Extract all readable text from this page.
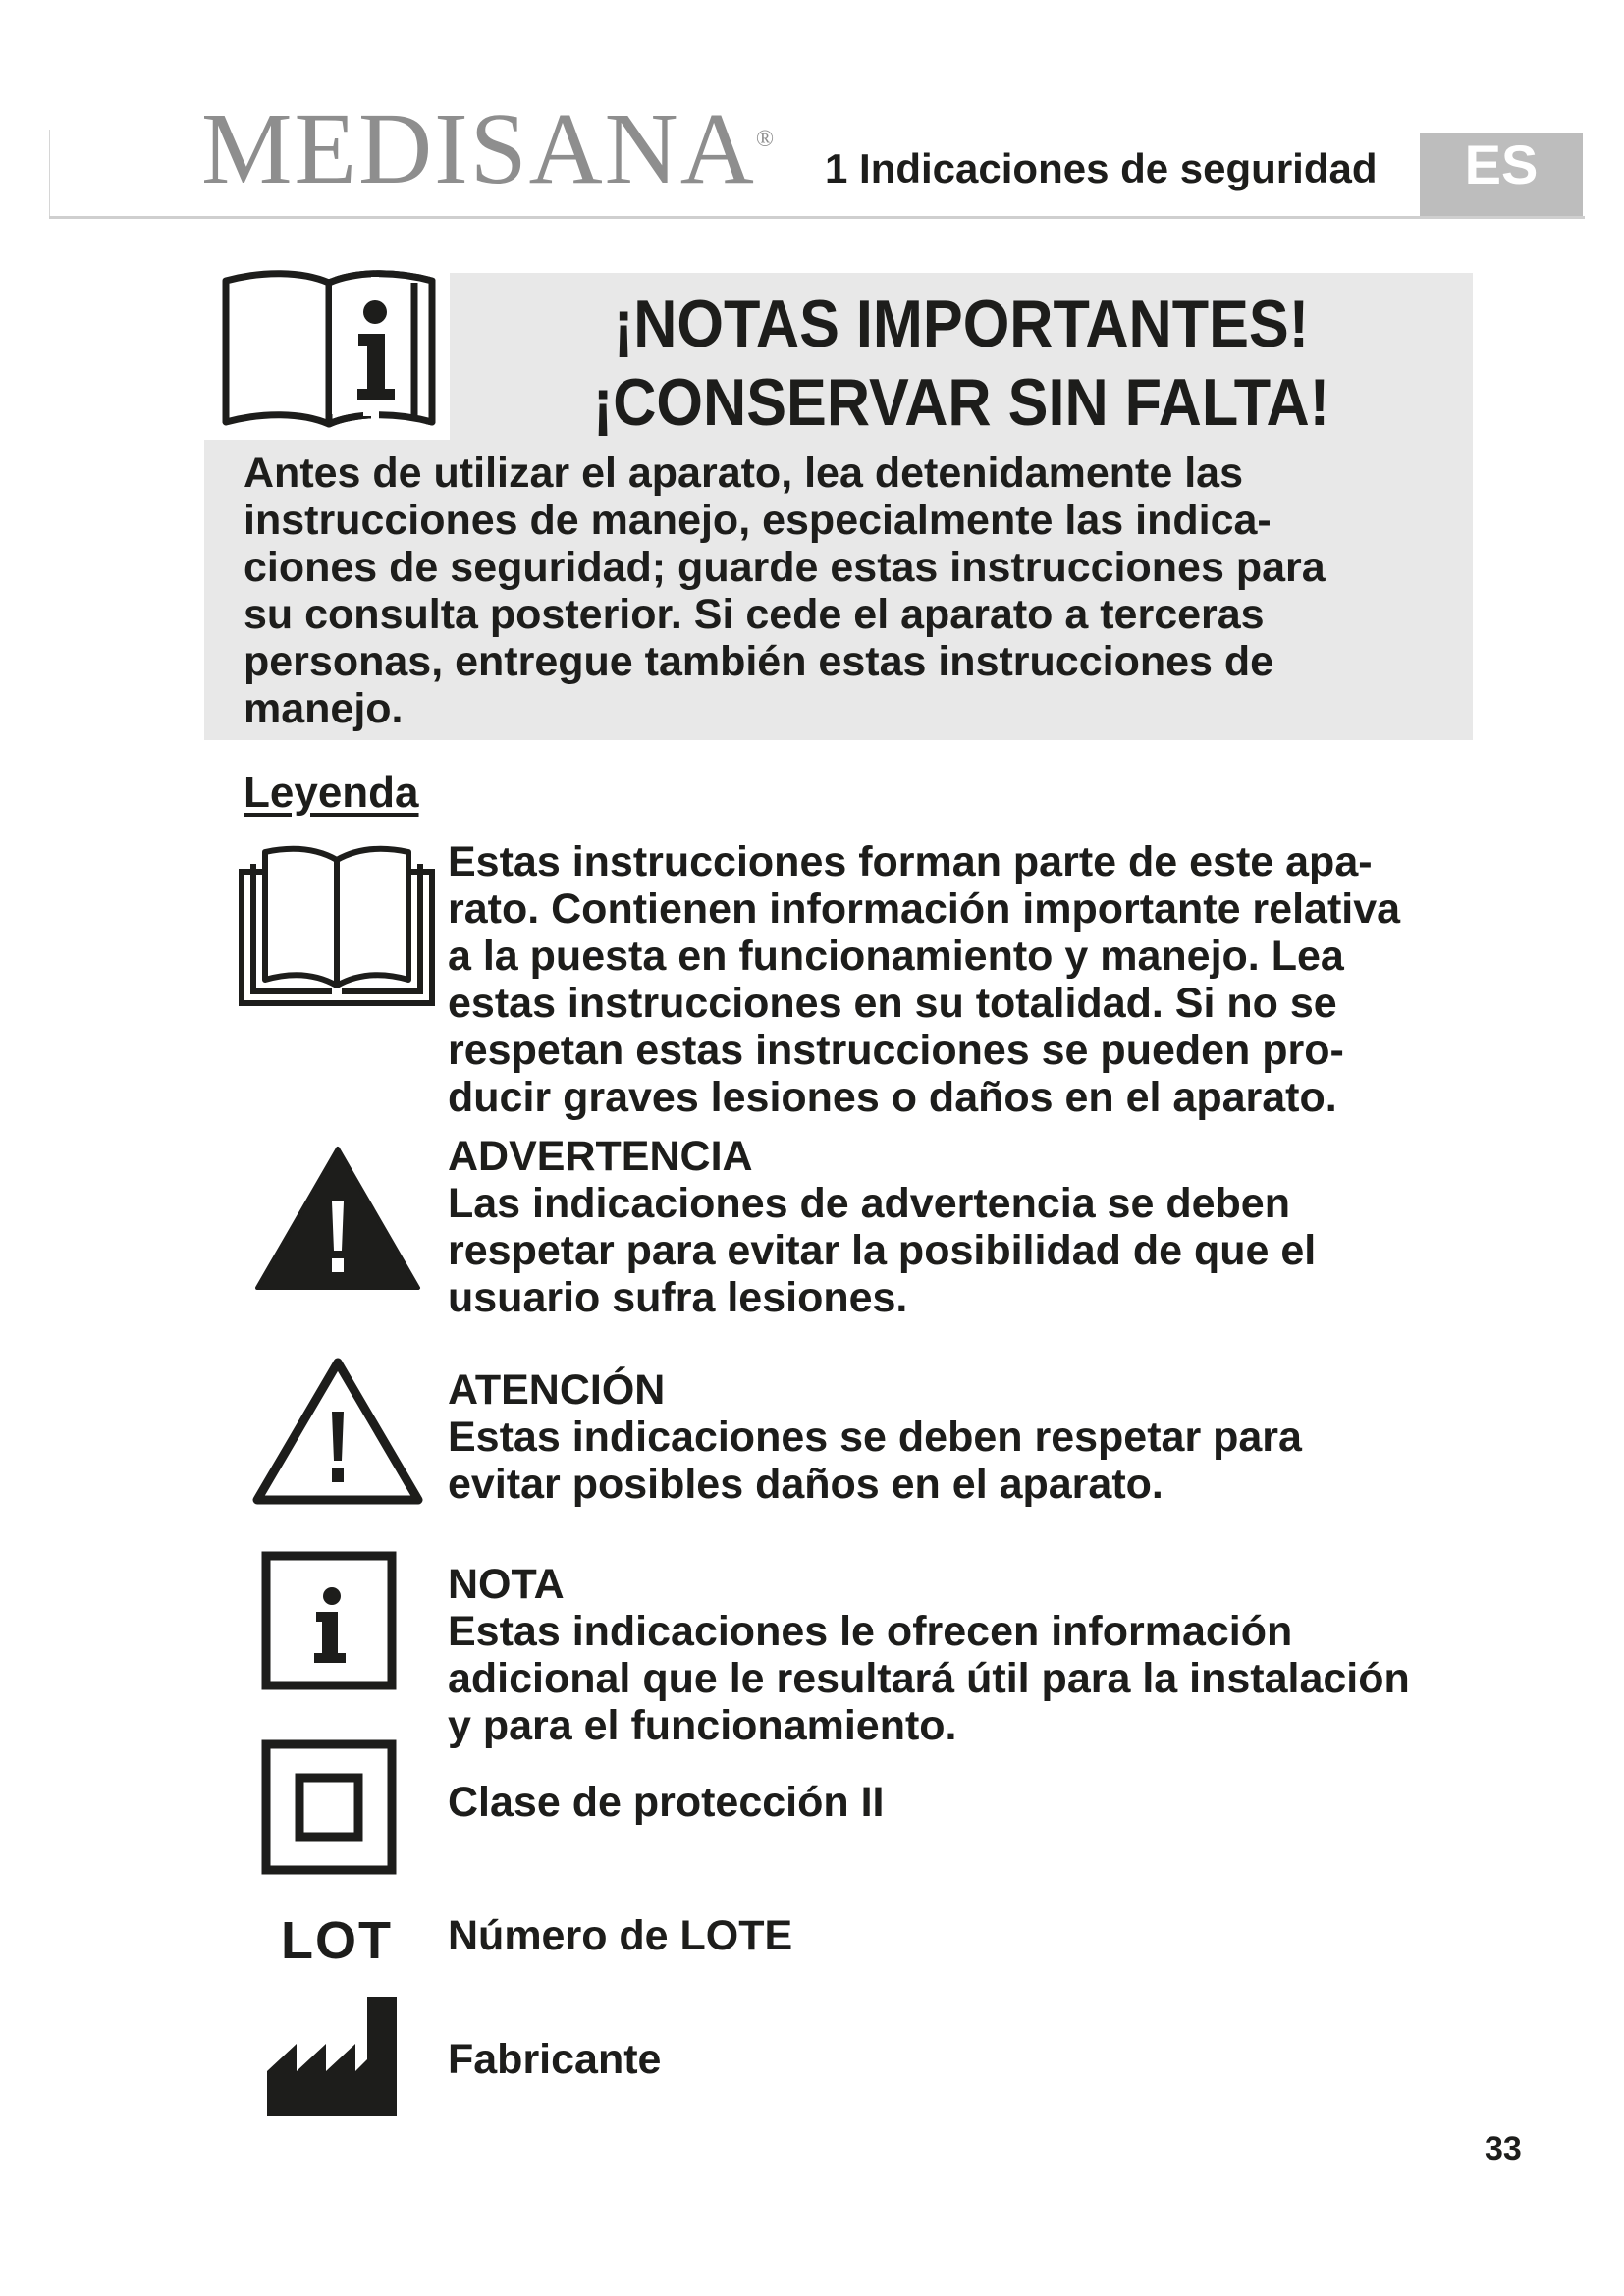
MEDISANA®
1 Indicaciones de seguridad	ES
¡NOTAS IMPORTANTES!
¡CONSERVAR SIN FALTA!
Antes de utilizar el aparato, lea detenidamente las
instrucciones de manejo, especialmente las indica-
ciones de seguridad; guarde estas instrucciones para
su consulta posterior. Si cede el aparato a terceras
personas, entregue también estas instrucciones de
manejo.
Leyenda
Estas instrucciones forman parte de este apa-
rato. Contienen información importante relativa
a la puesta en funcionamiento y manejo. Lea
estas instrucciones en su totalidad. Si no se
respetan estas instrucciones se pueden pro-
ducir graves lesiones o daños en el aparato.
ADVERTENCIA
Las indicaciones de advertencia se deben
respetar para evitar la posibilidad de que el
usuario sufra lesiones.
ATENCIÓN
Estas indicaciones se deben respetar para
evitar posibles daños en el aparato.
NOTA
Estas indicaciones le ofrecen información
adicional que le resultará útil para la instalación
y para el funcionamiento.
Clase de protección II
LOT Número de LOTE
Fabricante
33
